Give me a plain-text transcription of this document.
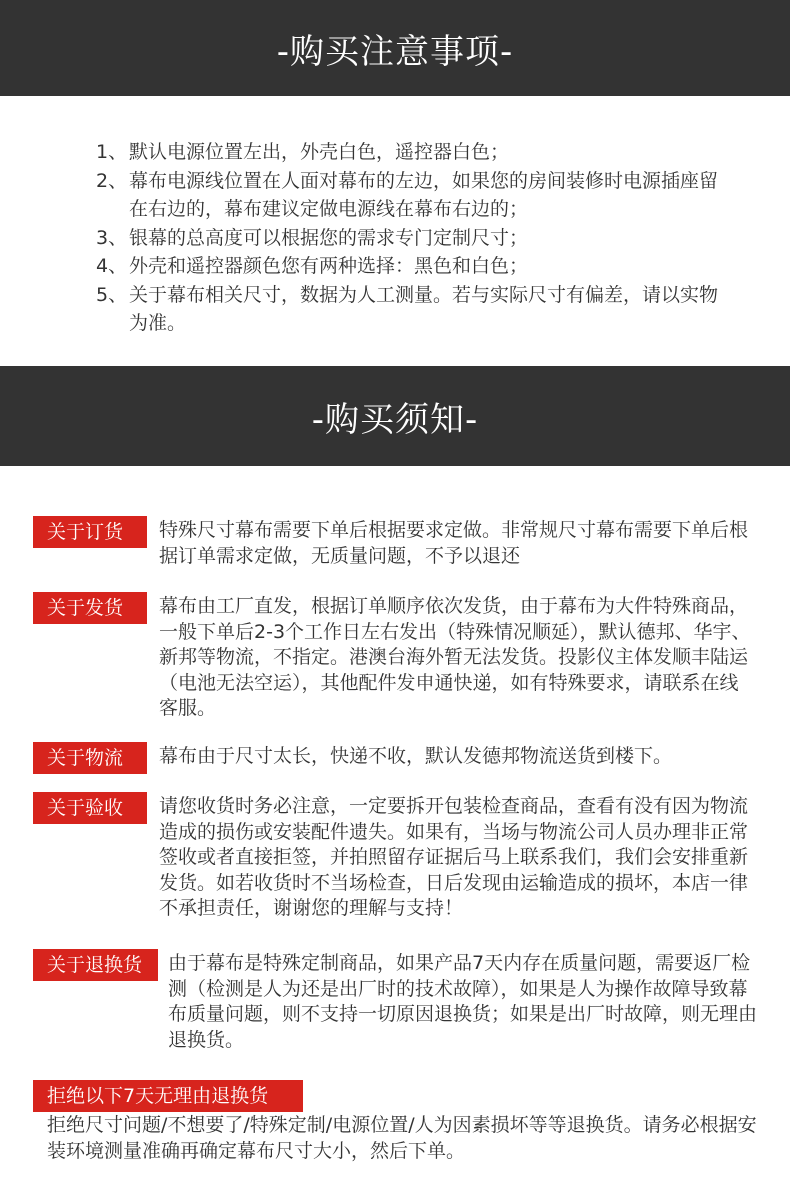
-购买注意事项-
1、 默认电源位置左出，外壳白色，遥控器白色；
2、 幕布电源线位置在人面对幕布的左边，如果您的房间装修时电源插座留在右边的，幕布建议定做电源线在幕布右边的；
3、 银幕的总高度可以根据您的需求专门定制尺寸；
4、 外壳和遥控器颜色您有两种选择：黑色和白色；
5、 关于幕布相关尺寸，数据为人工测量。若与实际尺寸有偏差，请以实物为准。
-购买须知-
关于订货	特殊尺寸幕布需要下单后根据要求定做。非常规尺寸幕布需要下单后根据订单需求定做，无质量问题，不予以退还

关于发货	幕布由工厂直发，根据订单顺序依次发货，由于幕布为大件特殊商品，一般下单后2-3个工作日左右发出（特殊情况顺延），默认德邦、华宇、新邦等物流，不指定。港澳台海外暂无法发货。投影仪主体发顺丰陆运（电池无法空运），其他配件发申通快递，如有特殊要求，请联系在线客服。

关于物流	幕布由于尺寸太长，快递不收，默认发德邦物流送货到楼下。

关于验收	请您收货时务必注意，一定要拆开包装检查商品，查看有没有因为物流造成的损伤或安装配件遗失。如果有，当场与物流公司人员办理非正常签收或者直接拒签，并拍照留存证据后马上联系我们，我们会安排重新发货。如若收货时不当场检查，日后发现由运输造成的损坏，本店一律不承担责任，谢谢您的理解与支持！

关于退换货	由于幕布是特殊定制商品，如果产品7天内存在质量问题，需要返厂检测（检测是人为还是出厂时的技术故障），如果是人为操作故障导致幕布质量问题，则不支持一切原因退换货；如果是出厂时故障，则无理由退换货。

拒绝以下7天无理由退换货

拒绝尺寸问题/不想要了/特殊定制/电源位置/人为因素损坏等等退换货。请务必根据安装环境测量准确再确定幕布尺寸大小，然后下单。
